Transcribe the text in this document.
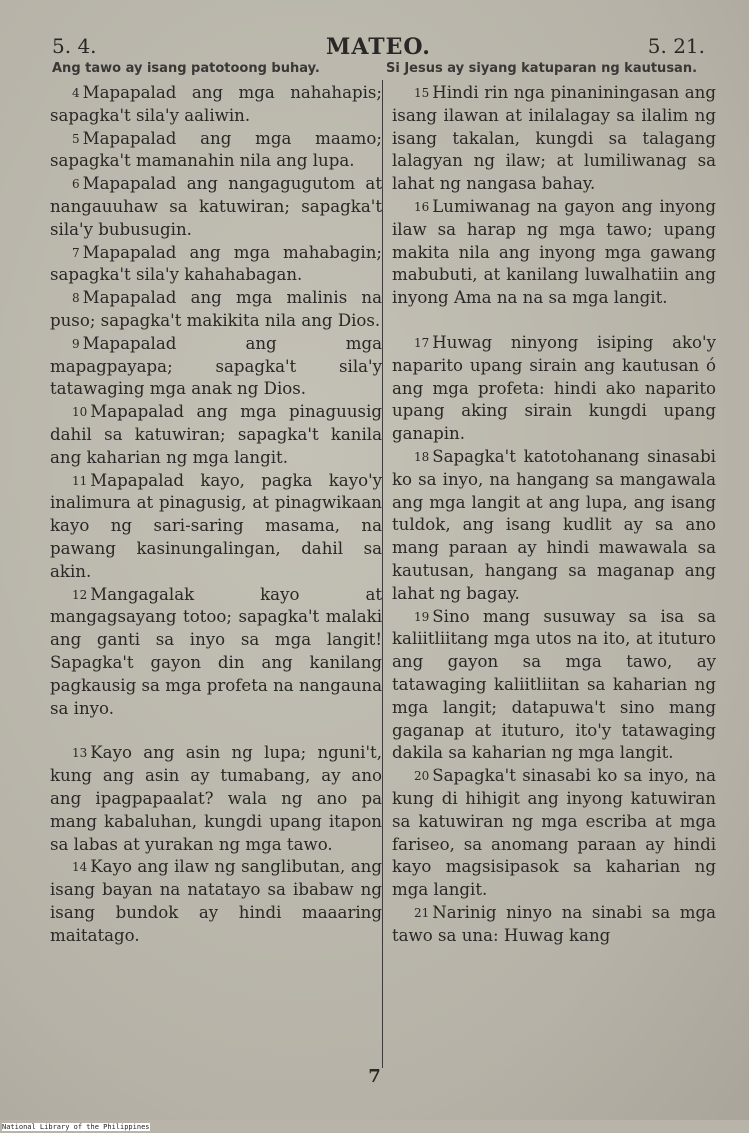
5. 4.	MATEO.	5. 21.
Ang tawo ay isang patotoong buhay.	Si Jesus ay siyang katuparan ng kautusan.

4 Mapapalad ang mga nahahapis; sapagka't sila'y aaliwin.

5 Mapapalad ang mga maamo; sapagka't mamanahin nila ang lupa.

6 Mapapalad ang nangagugutom at nangauuhaw sa katuwiran; sapagka't sila'y bubusugin.

7 Mapapalad ang mga mahabagin; sapagka't sila'y kahahabagan.

8 Mapapalad ang mga malinis na puso; sapagka't makikita nila ang Dios.

9 Mapapalad ang mga mapagpayapa; sapagka't sila'y tatawaging mga anak ng Dios.

10 Mapapalad ang mga pinaguusig dahil sa katuwiran; sapagka't kanila ang kaharian ng mga langit.

11 Mapapalad kayo, pagka kayo'y inalimura at pinagusig, at pinagwikaan kayo ng sari-saring masama, na pawang kasinungalingan, dahil sa akin.

12 Mangagalak kayo at mangagsayang totoo; sapagka't malaki ang ganti sa inyo sa mga langit! Sapagka't gayon din ang kanilang pagkausig sa mga profeta na nangauna sa inyo.

13 Kayo ang asin ng lupa; nguni't, kung ang asin ay tumabang, ay ano ang ipagpapaalat? wala ng ano pa mang kabaluhan, kungdi upang itapon sa labas at yurakan ng mga tawo.

14 Kayo ang ilaw ng sanglibutan, ang isang bayan na natatayo sa ibabaw ng isang bundok ay hindi maaaring maitatago.

15 Hindi rin nga pinaniningasan ang isang ilawan at inilalagay sa ilalim ng isang takalan, kungdi sa talagang lalagyan ng ilaw; at lumiliwanag sa lahat ng nangasa bahay.

16 Lumiwanag na gayon ang inyong ilaw sa harap ng mga tawo; upang makita nila ang inyong mga gawang mabubuti, at kanilang luwalhatiin ang inyong Ama na na sa mga langit.

17 Huwag ninyong isiping ako'y naparito upang sirain ang kautusan ó ang mga profeta: hindi ako naparito upang aking sirain kungdi upang ganapin.

18 Sapagka't katotohanang sinasabi ko sa inyo, na hangang sa mangawala ang mga langit at ang lupa, ang isang tuldok, ang isang kudlit ay sa ano mang paraan ay hindi mawawala sa kautusan, hangang sa maganap ang lahat ng bagay.

19 Sino mang susuway sa isa sa kaliitliitang mga utos na ito, at ituturo ang gayon sa mga tawo, ay tatawaging kaliitliitan sa kaharian ng mga langit; datapuwa't sino mang gaganap at ituturo, ito'y tatawaging dakila sa kaharian ng mga langit.

20 Sapagka't sinasabi ko sa inyo, na kung di hihigit ang inyong katuwiran sa katuwiran ng mga escriba at mga fariseo, sa anomang paraan ay hindi kayo magsisipasok sa kaharian ng mga langit.

21 Narinig ninyo na sinabi sa mga tawo sa una: Huwag kang

7
National Library of the Philippines
